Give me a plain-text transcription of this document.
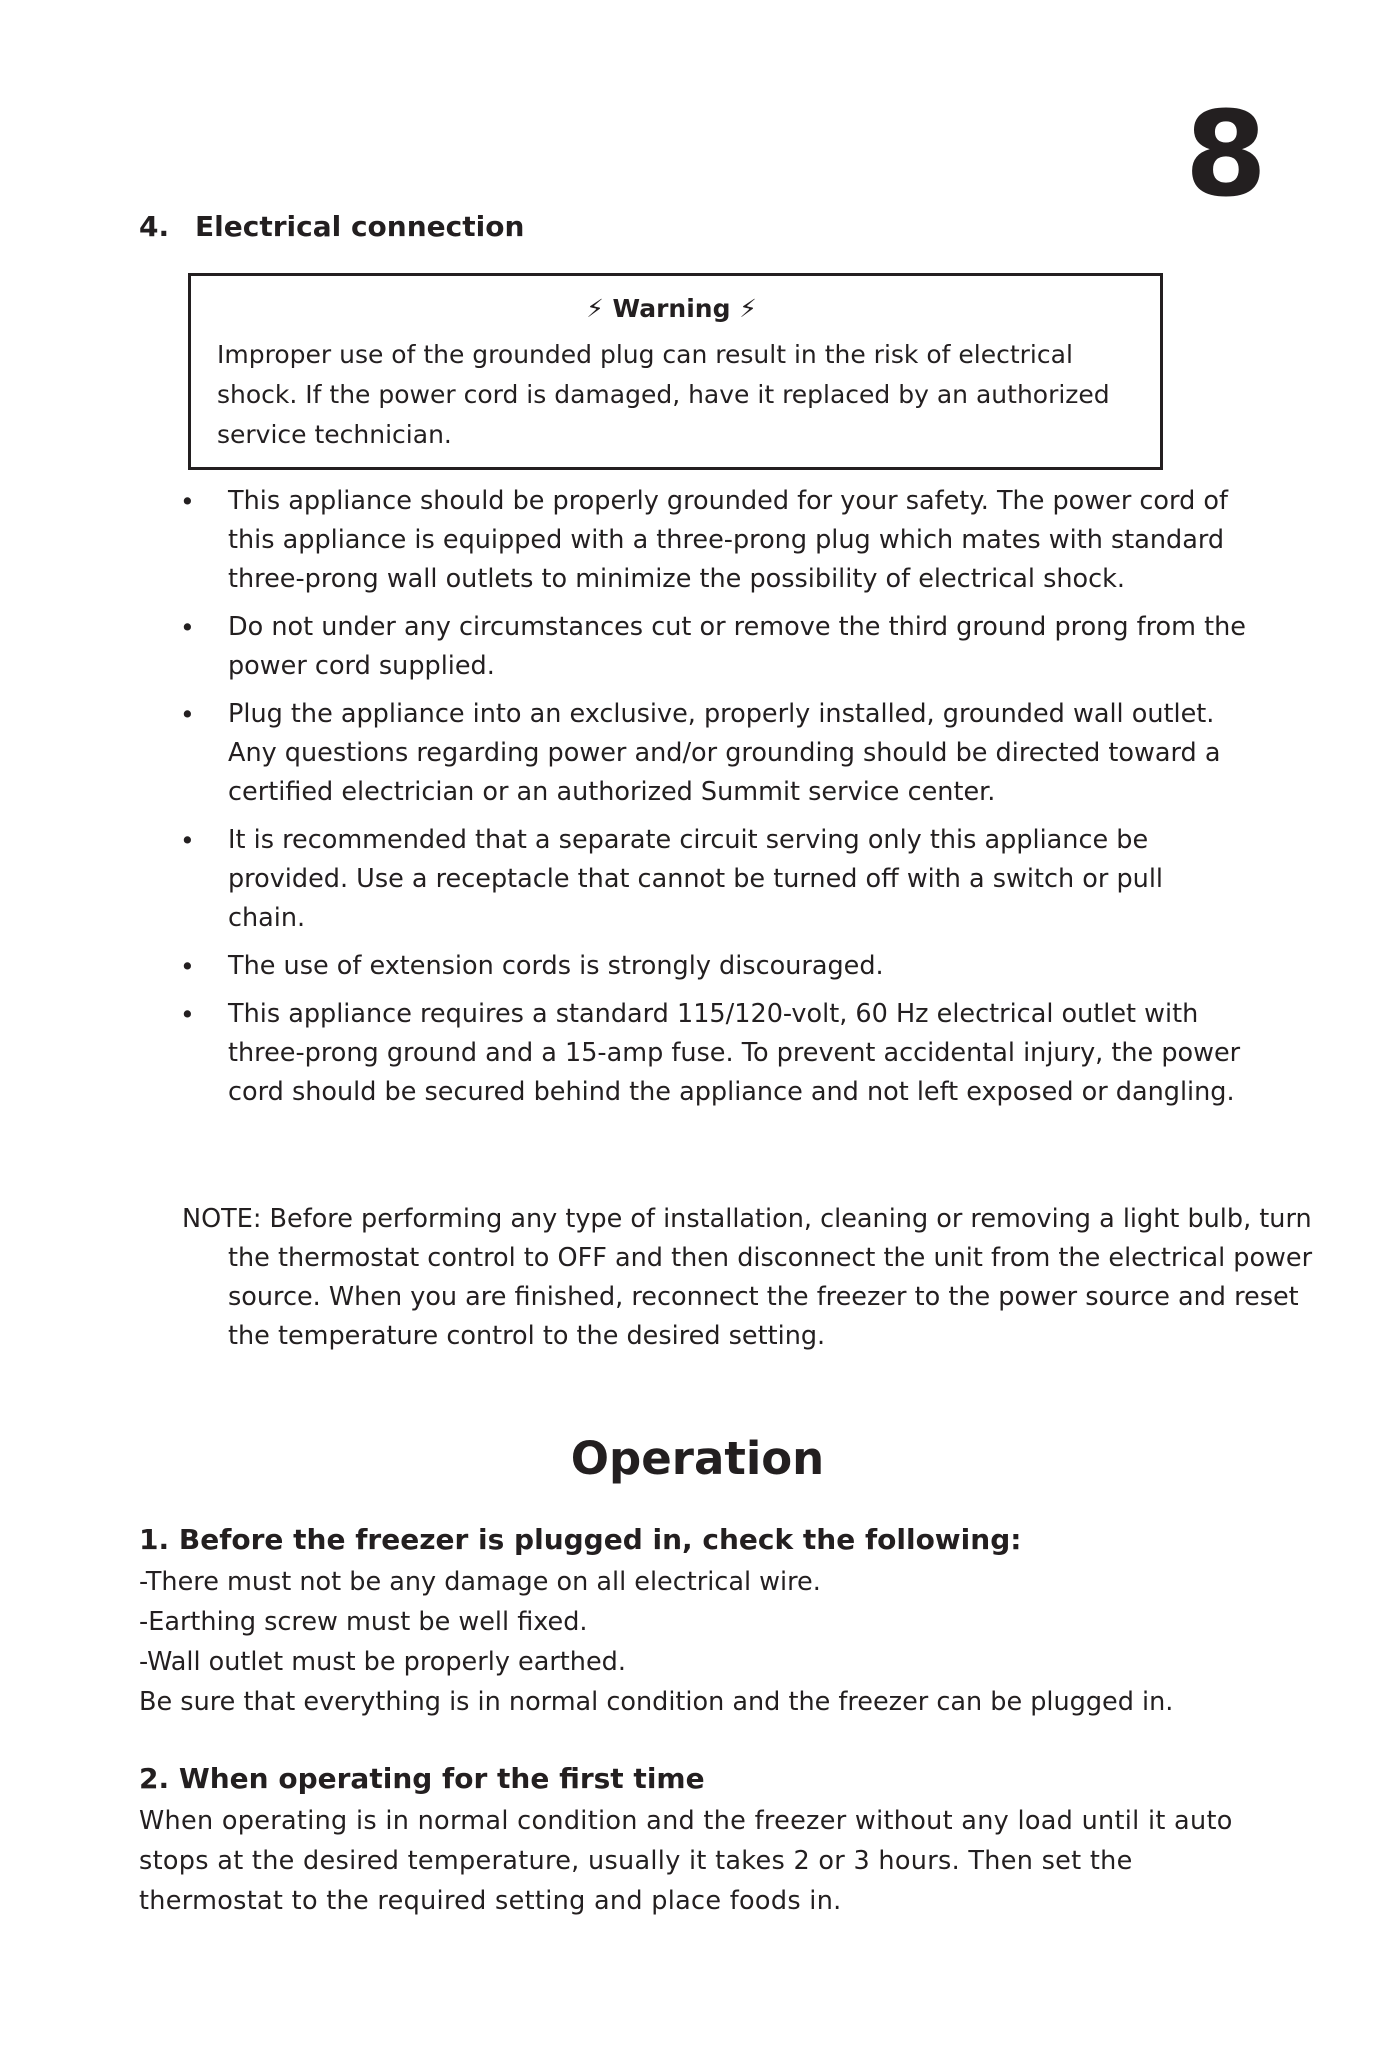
8
4. Electrical connection
⚡ Warning ⚡
Improper use of the grounded plug can result in the risk of electrical shock. If the power cord is damaged, have it replaced by an authorized service technician.
• This appliance should be properly grounded for your safety. The power cord of this appliance is equipped with a three-prong plug which mates with standard three-prong wall outlets to minimize the possibility of electrical shock.
• Do not under any circumstances cut or remove the third ground prong from the power cord supplied.
• Plug the appliance into an exclusive, properly installed, grounded wall outlet. Any questions regarding power and/or grounding should be directed toward a certified electrician or an authorized Summit service center.
• It is recommended that a separate circuit serving only this appliance be provided. Use a receptacle that cannot be turned off with a switch or pull chain.
• The use of extension cords is strongly discouraged.
• This appliance requires a standard 115/120-volt, 60 Hz electrical outlet with three-prong ground and a 15-amp fuse. To prevent accidental injury, the power cord should be secured behind the appliance and not left exposed or dangling.
NOTE: Before performing any type of installation, cleaning or removing a light bulb, turn the thermostat control to OFF and then disconnect the unit from the electrical power source. When you are finished, reconnect the freezer to the power source and reset the temperature control to the desired setting.
Operation
1. Before the freezer is plugged in, check the following:
-There must not be any damage on all electrical wire.
-Earthing screw must be well fixed.
-Wall outlet must be properly earthed.
Be sure that everything is in normal condition and the freezer can be plugged in.
2. When operating for the first time
When operating is in normal condition and the freezer without any load until it auto stops at the desired temperature, usually it takes 2 or 3 hours. Then set the thermostat to the required setting and place foods in.
